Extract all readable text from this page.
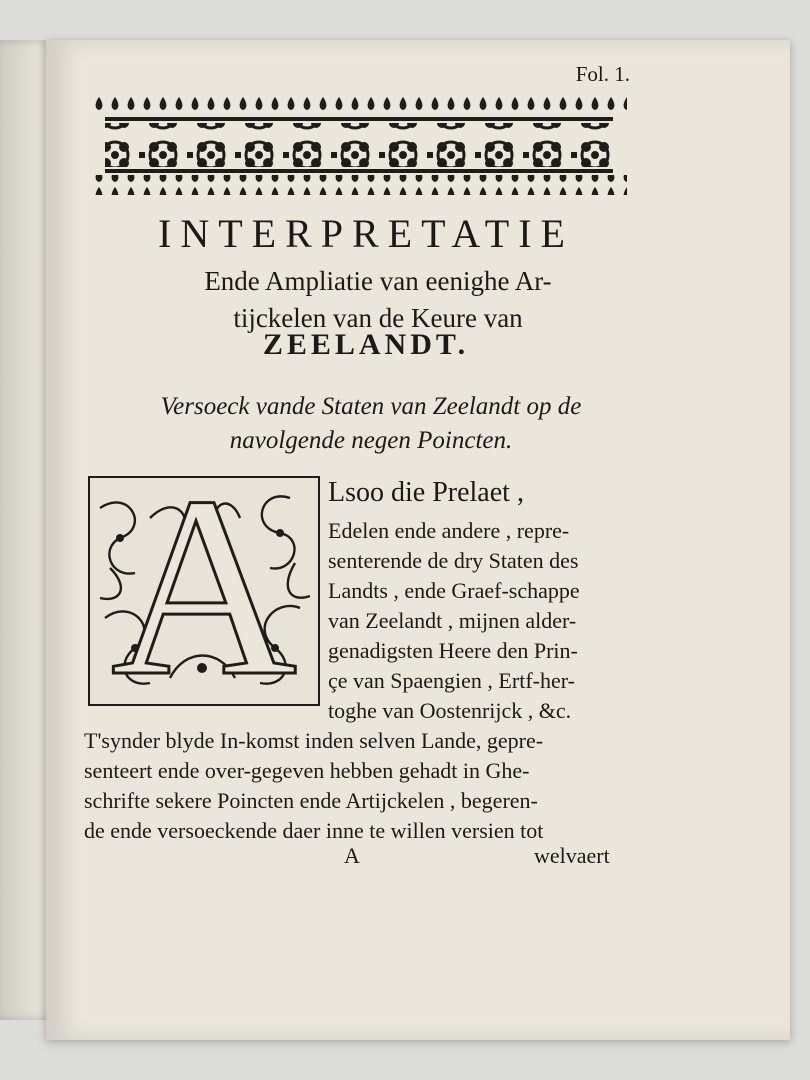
Fol. 1.
INTERPRETATIE
Ende Ampliatie van eenighe Ar-
tijckelen van de Keure van
ZEELANDT.
Versoeck vande Staten van Zeelandt op de
navolgende negen Poincten.
A	Lsoo die Prelaet ,
Edelen ende andere , repre-
senterende de dry Staten des
Landts , ende Graef-schappe
van Zeelandt , mijnen alder-
genadigsten Heere den Prin-
çe van Spaengien , Ertf-her-
toghe van Oostenrijck , &c.
T'synder blyde In-komst inden selven Lande, gepre-
senteert ende over-gegeven hebben gehadt in Ghe-
schrifte sekere Poincten ende Artijckelen , begeren-
de ende versoeckende daer inne te willen versien tot
A	welvaert
